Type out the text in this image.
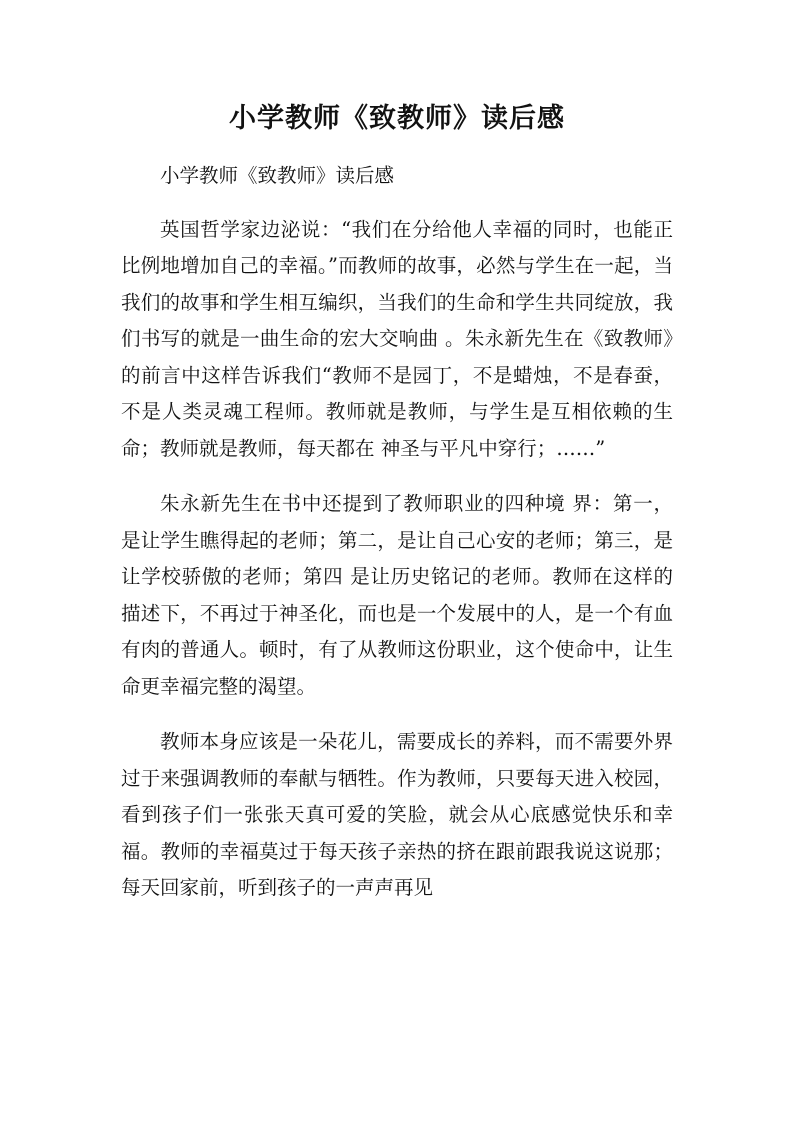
小学教师《致教师》读后感

小学教师《致教师》读后感

英国哲学家边泌说：“我们在分给他人幸福的同时，也能正比例地增加自己的幸福。”而教师的故事，必然与学生在一起，当我们的故事和学生相互编织，当我们的生命和学生共同绽放，我们书写的就是一曲生命的宏大交响曲 。朱永新先生在《致教师》的前言中这样告诉我们“教师不是园丁，不是蜡烛，不是春蚕，不是人类灵魂工程师。教师就是教师，与学生是互相依赖的生命；教师就是教师，每天都在 神圣与平凡中穿行；……”

朱永新先生在书中还提到了教师职业的四种境 界：第一，是让学生瞧得起的老师；第二，是让自己心安的老师；第三，是让学校骄傲的老师；第四 是让历史铭记的老师。教师在这样的描述下，不再过于神圣化，而也是一个发展中的人，是一个有血有肉的普通人。顿时，有了从教师这份职业，这个使命中，让生命更幸福完整的渴望。

教师本身应该是一朵花儿，需要成长的养料，而不需要外界过于来强调教师的奉献与牺牲。作为教师，只要每天进入校园，看到孩子们一张张天真可爱的笑脸，就会从心底感觉快乐和幸福。教师的幸福莫过于每天孩子亲热的挤在跟前跟我说这说那；每天回家前，听到孩子的一声声再见
